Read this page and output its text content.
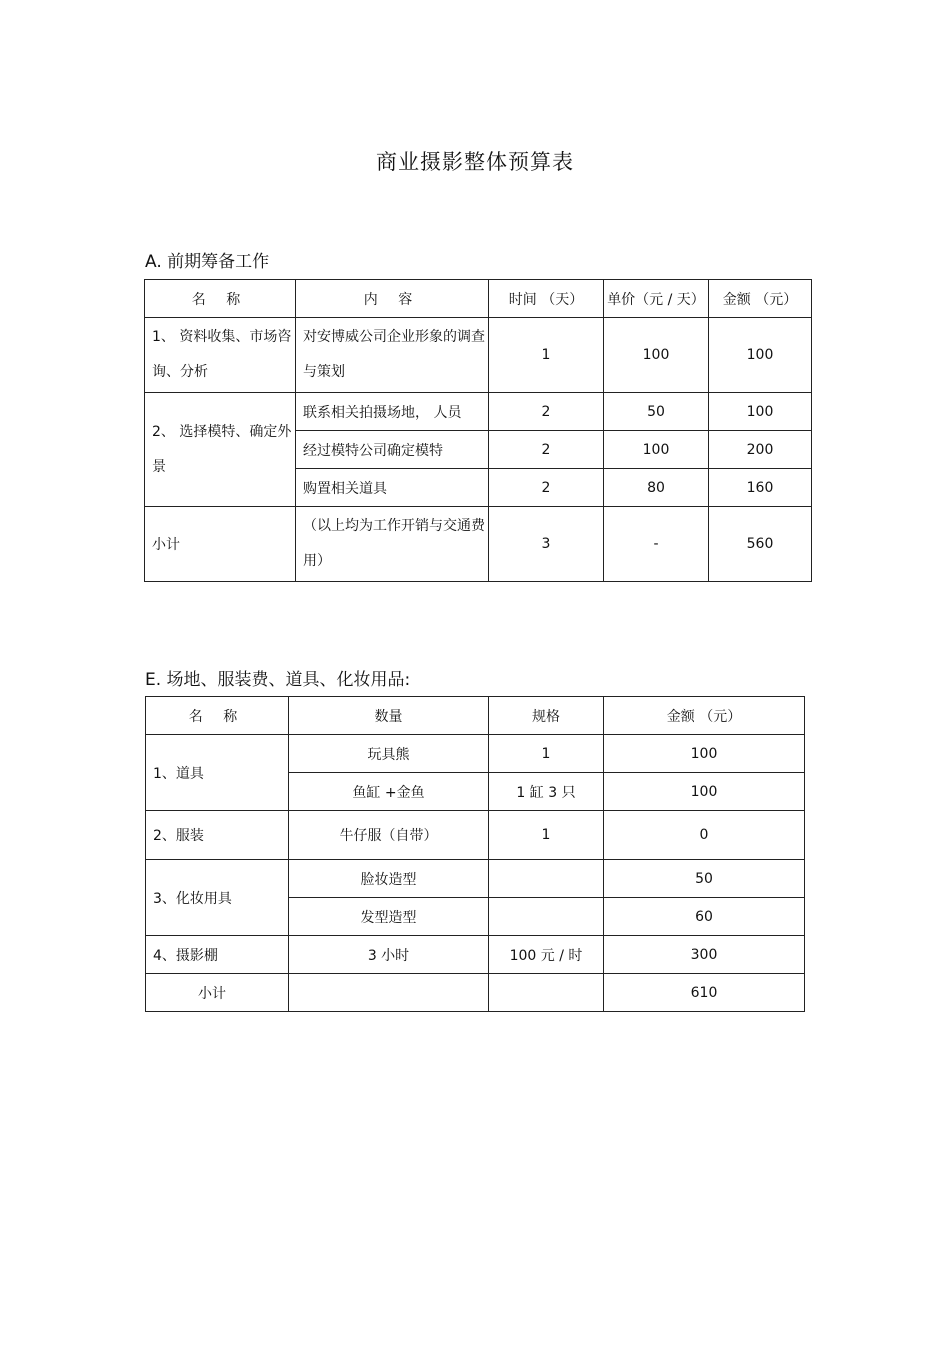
商业摄影整体预算表
A. 前期筹备工作
名 称	内 容	时间 （天）	单价（元 / 天）	金额 （元）
1、 资料收集、市场咨询、分析	对安博威公司企业形象的调查与策划	1	100	100
2、 选择模特、确定外景	联系相关拍摄场地， 人员	2	50	100
	经过模特公司确定模特	2	100	200
	购置相关道具	2	80	160
小计	（以上均为工作开销与交通费用）	3	-	560
E. 场地、服装费、道具、化妆用品:
名 称	数量	规格	金额 （元）
1、道具	玩具熊	1	100
	鱼缸 +金鱼	1 缸 3 只	100
2、服装	牛仔服（自带）	1	0
3、化妆用具	脸妆造型		50
	发型造型		60
4、摄影棚	3 小时	100 元 / 时	300
小计			610
